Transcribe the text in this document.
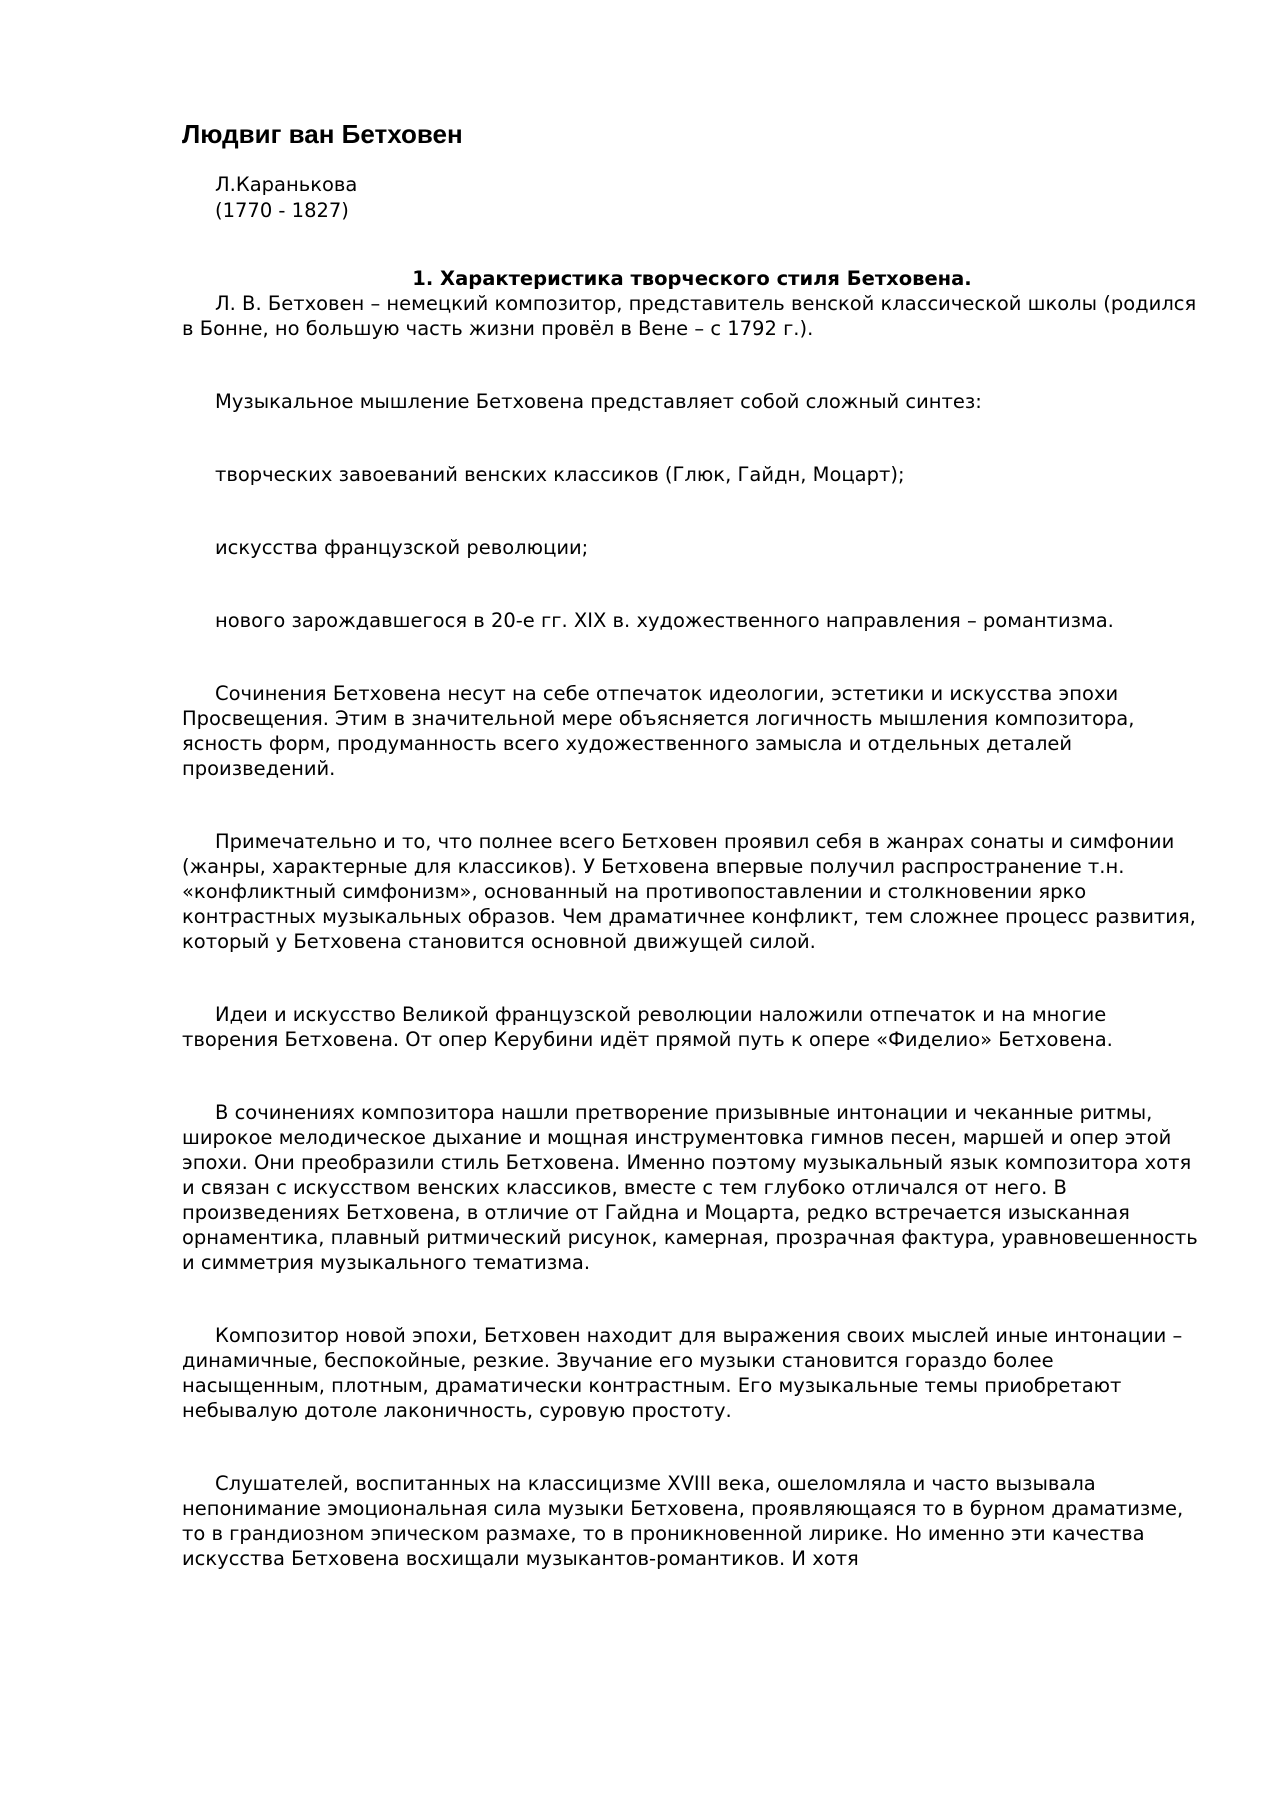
Людвиг ван Бетховен
Л.Караньковa
(1770 - 1827)
1. Характеристика творческого стиля Бетховена.

Л. В. Бетховен – немецкий композитор, представитель венской классической школы (родился в Бонне, но большую часть жизни провёл в Вене – с 1792 г.).

Музыкальное мышление Бетховена представляет собой сложный синтез:

творческих завоеваний венских классиков (Глюк, Гайдн, Моцарт);

искусства французской революции;

нового зарождавшегося в 20-е гг. XIX в. художественного направления – романтизма.

Сочинения Бетховена несут на себе отпечаток идеологии, эстетики и искусства эпохи Просвещения. Этим в значительной мере объясняется логичность мышления композитора, ясность форм, продуманность всего художественного замысла и отдельных деталей произведений.

Примечательно и то, что полнее всего Бетховен проявил себя в жанрах сонаты и симфонии (жанры, характерные для классиков). У Бетховена впервые получил распространение т.н. «конфликтный симфонизм», основанный на противопоставлении и столкновении ярко контрастных музыкальных образов. Чем драматичнее конфликт, тем сложнее процесс развития, который у Бетховена становится основной движущей силой.

Идеи и искусство Великой французской революции наложили отпечаток и на многие творения Бетховена. От опер Керубини идёт прямой путь к опере «Фиделио» Бетховена.

В сочинениях композитора нашли претворение призывные интонации и чеканные ритмы, широкое мелодическое дыхание и мощная инструментовка гимнов песен, маршей и опер этой эпохи. Они преобразили стиль Бетховена. Именно поэтому музыкальный язык композитора хотя и связан с искусством венских классиков, вместе с тем глубоко отличался от него. В произведениях Бетховена, в отличие от Гайдна и Моцарта, редко встречается изысканная орнаментика, плавный ритмический рисунок, камерная, прозрачная фактура, уравновешенность и симметрия музыкального тематизма.

Композитор новой эпохи, Бетховен находит для выражения своих мыслей иные интонации – динамичные, беспокойные, резкие. Звучание его музыки становится гораздо более насыщенным, плотным, драматически контрастным. Его музыкальные темы приобретают небывалую дотоле лаконичность, суровую простоту.

Слушателей, воспитанных на классицизме XVIII века, ошеломляла и часто вызывала непонимание эмоциональная сила музыки Бетховена, проявляющаяся то в бурном драматизме, то в грандиозном эпическом размахе, то в проникновенной лирике. Но именно эти качества искусства Бетховена восхищали музыкантов-романтиков. И хотя
